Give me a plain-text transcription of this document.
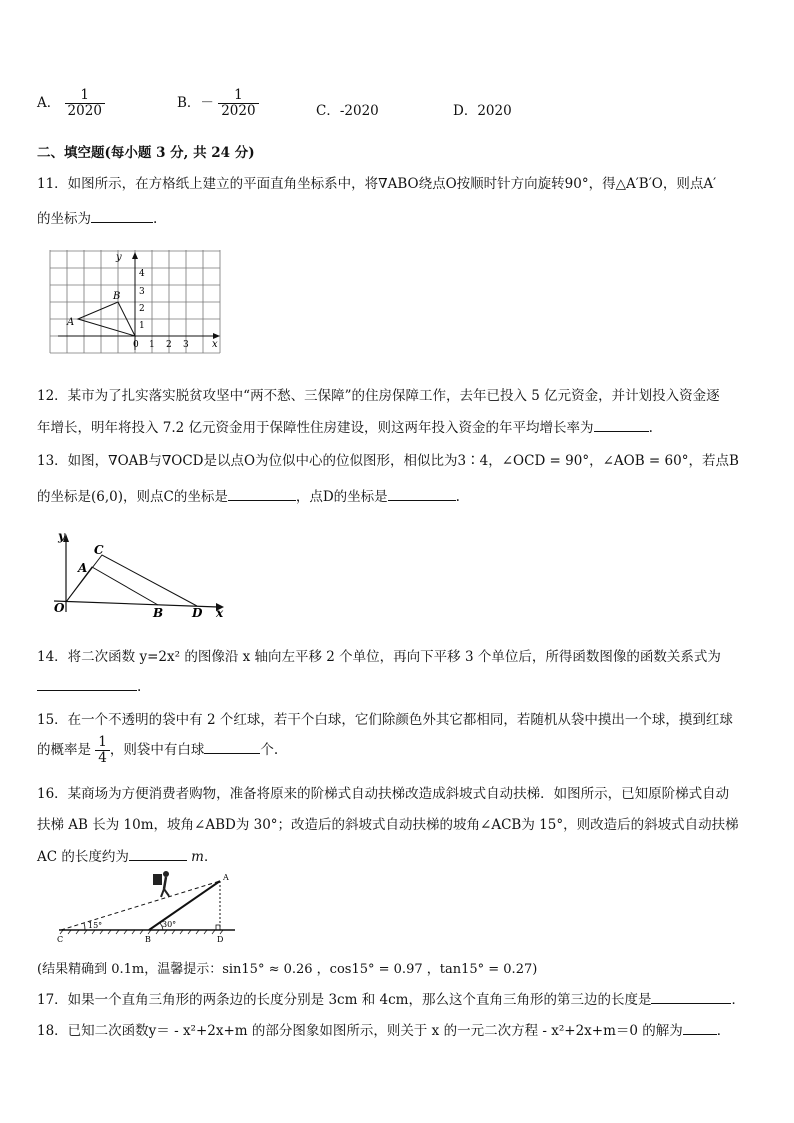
A． $\frac{1}{2020}$	B．－ $\frac{1}{2020}$	C．-2020	D．2020
二、填空题(每小题 3 分, 共 24 分)
11．如图所示，在方格纸上建立的平面直角坐标系中，将∇ABO绕点O按顺时针方向旋转90°，得△A′B′O，则点A′
的坐标为	.
y
x
4
3
2
1
0 1 2 3
A
B
12．某市为了扎实落实脱贫攻坚中“两不愁、三保障”的住房保障工作，去年已投入 5 亿元资金，并计划投入资金逐
年增长，明年将投入 7.2 亿元资金用于保障性住房建设，则这两年投入资金的年平均增长率为	.
13．如图，∇OAB与∇OCD是以点O为位似中心的位似图形，相似比为3∶4，∠OCD = 90°，∠AOB = 60°，若点B
的坐标是(6,0)，则点C的坐标是	，点D的坐标是	.
y
x
O
A
C
B D
14．将二次函数 y=2x² 的图像沿 x 轴向左平移 2 个单位，再向下平移 3 个单位后，所得函数图像的函数关系式为
.
15．在一个不透明的袋中有 2 个红球，若干个白球，它们除颜色外其它都相同，若随机从袋中摸出一个球，摸到红球
的概率是 $\frac{1}{4}$ ，则袋中有白球	个.
16．某商场为方便消费者购物，准备将原来的阶梯式自动扶梯改造成斜坡式自动扶梯．如图所示，已知原阶梯式自动
扶梯 AB 长为 10m，坡角∠ABD为 30°；改造后的斜坡式自动扶梯的坡角∠ACB为 15°，则改造后的斜坡式自动扶梯
AC 的长度约为	m．
A
B
C	D
15°	30°
(结果精确到 0.1m，温馨提示：sin15° ≈ 0.26 ，cos15° = 0.97 ，tan15° = 0.27)
17．如果一个直角三角形的两条边的长度分别是 3cm 和 4cm，那么这个直角三角形的第三边的长度是	．
18．已知二次函数y＝ - x²+2x+m 的部分图象如图所示，则关于 x 的一元二次方程 - x²+2x+m＝0 的解为	．
